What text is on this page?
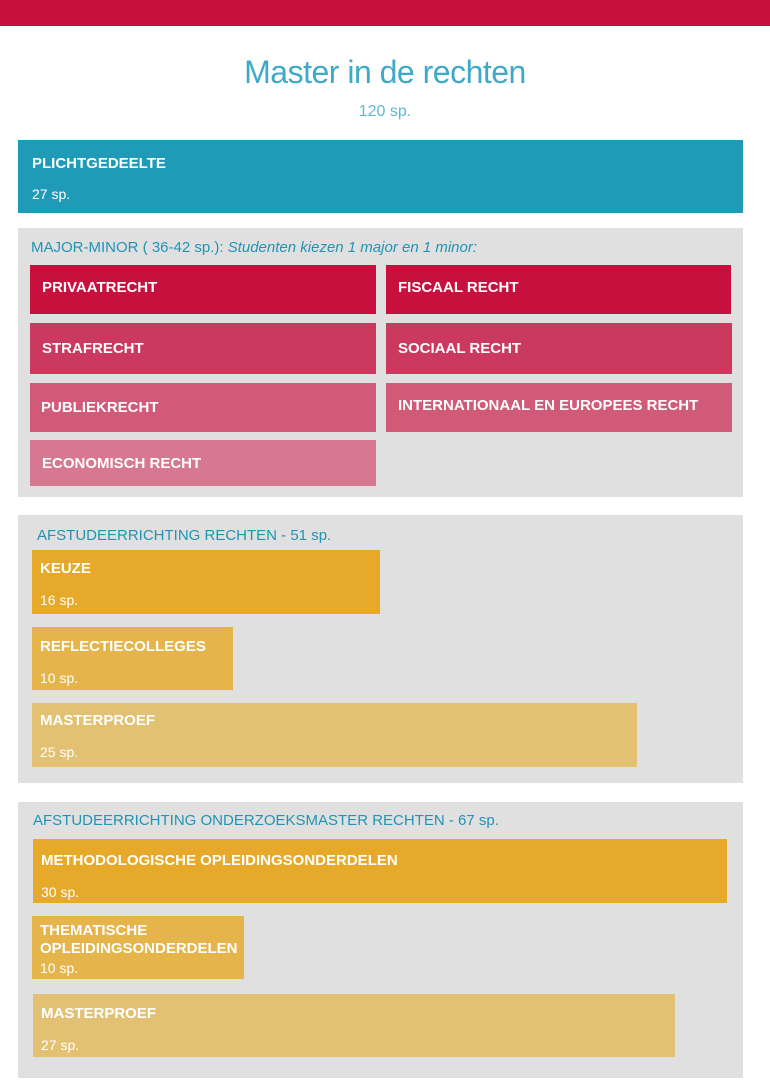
Master in de rechten
120 sp.
PLICHTGEDEELTE
27 sp.
MAJOR-MINOR ( 36-42 sp.): Studenten kiezen 1 major en 1 minor:
PRIVAATRECHT	FISCAAL RECHT
STRAFRECHT	SOCIAAL RECHT
PUBLIEKRECHT	INTERNATIONAAL EN EUROPEES RECHT
ECONOMISCH RECHT
AFSTUDEERRICHTING RECHTEN - 51 sp.
KEUZE
16 sp.
REFLECTIECOLLEGES
10 sp.
MASTERPROEF
25 sp.
AFSTUDEERRICHTING ONDERZOEKSMASTER RECHTEN - 67 sp.
METHODOLOGISCHE OPLEIDINGSONDERDELEN
30 sp.
THEMATISCHE OPLEIDINGSONDERDELEN
10 sp.
MASTERPROEF
27 sp.
